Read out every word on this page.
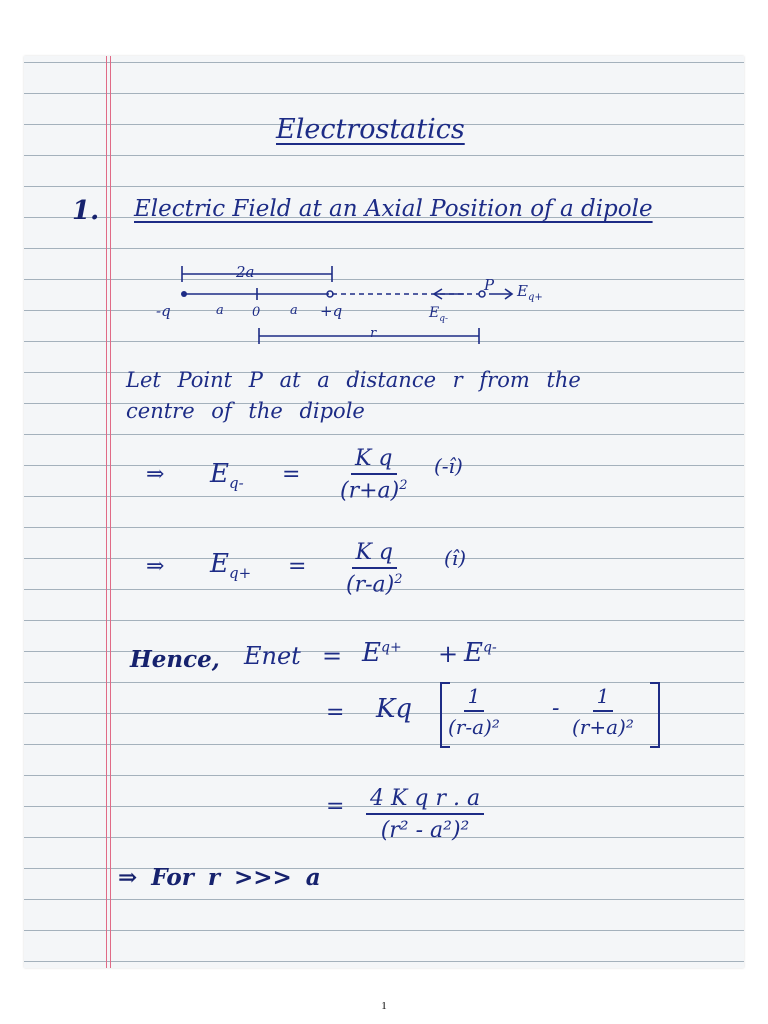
Electrostatics
1. Electric Field at an Axial Position of a dipole
2a
-q	a 0 a +q
P $E_{q+}$
$E_{q-}$
r
Let Point P at a distance r from the
centre of the dipole
⇒ $E_{q-} = \frac{\text{K q}}{(r+a)^2}$ (-î)
⇒ $E_{q+} = \frac{\text{K q}}{(r-a)^2}$ (î)
Hence, Enet = $E^{q+} + E^{q-}$
= Kq $\frac{1}{\text{(r-a)²}} - \frac{1}{\text{(r+a)²}}$
= $\frac{\text{4 K q r . a}}{\text{(r² - a²)²}}$
⇒ For r >>> a
1
